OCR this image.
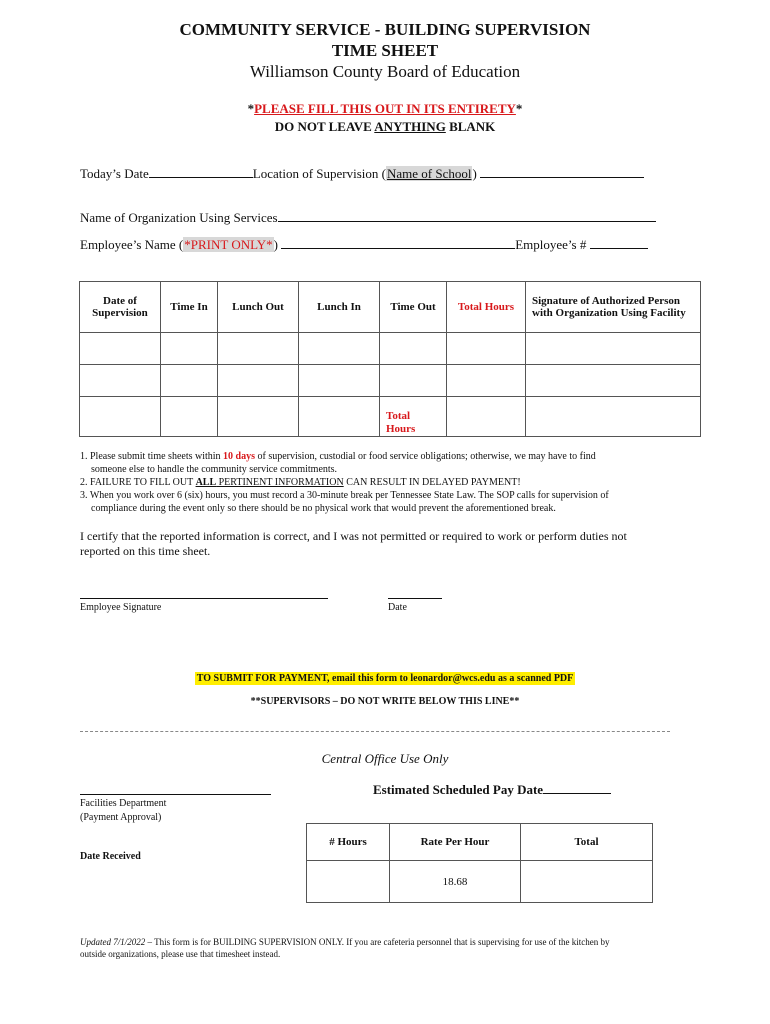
COMMUNITY SERVICE - BUILDING SUPERVISION
TIME SHEET
Williamson County Board of Education
*PLEASE FILL THIS OUT IN ITS ENTIRETY*
DO NOT LEAVE ANYTHING BLANK
Today’s Date	Location of Supervision (Name of School)
Name of Organization Using Services
Employee’s Name (*PRINT ONLY*)	Employee’s #
Date of Supervision	Time In	Lunch Out	Lunch In	Time Out	Total Hours	Signature of Authorized Person with Organization Using Facility

				Total
Hours		
1. Please submit time sheets within 10 days of supervision, custodial or food service obligations; otherwise, we may have to find
someone else to handle the community service commitments.
2. FAILURE TO FILL OUT ALL PERTINENT INFORMATION CAN RESULT IN DELAYED PAYMENT!
3. When you work over 6 (six) hours, you must record a 30-minute break per Tennessee State Law. The SOP calls for supervision of
compliance during the event only so there should be no physical work that would prevent the aforementioned break.
I certify that the reported information is correct, and I was not permitted or required to work or perform duties not
reported on this time sheet.
Employee Signature	Date
TO SUBMIT FOR PAYMENT, email this form to leonardor@wcs.edu as a scanned PDF
**SUPERVISORS – DO NOT WRITE BELOW THIS LINE**
Central Office Use Only
Estimated Scheduled Pay Date
Facilities Department
(Payment Approval)
Date Received
# Hours	Rate Per Hour	Total
	18.68	
Updated 7/1/2022 – This form is for BUILDING SUPERVISION ONLY. If you are cafeteria personnel that is supervising for use of the kitchen by
outside organizations, please use that timesheet instead.
